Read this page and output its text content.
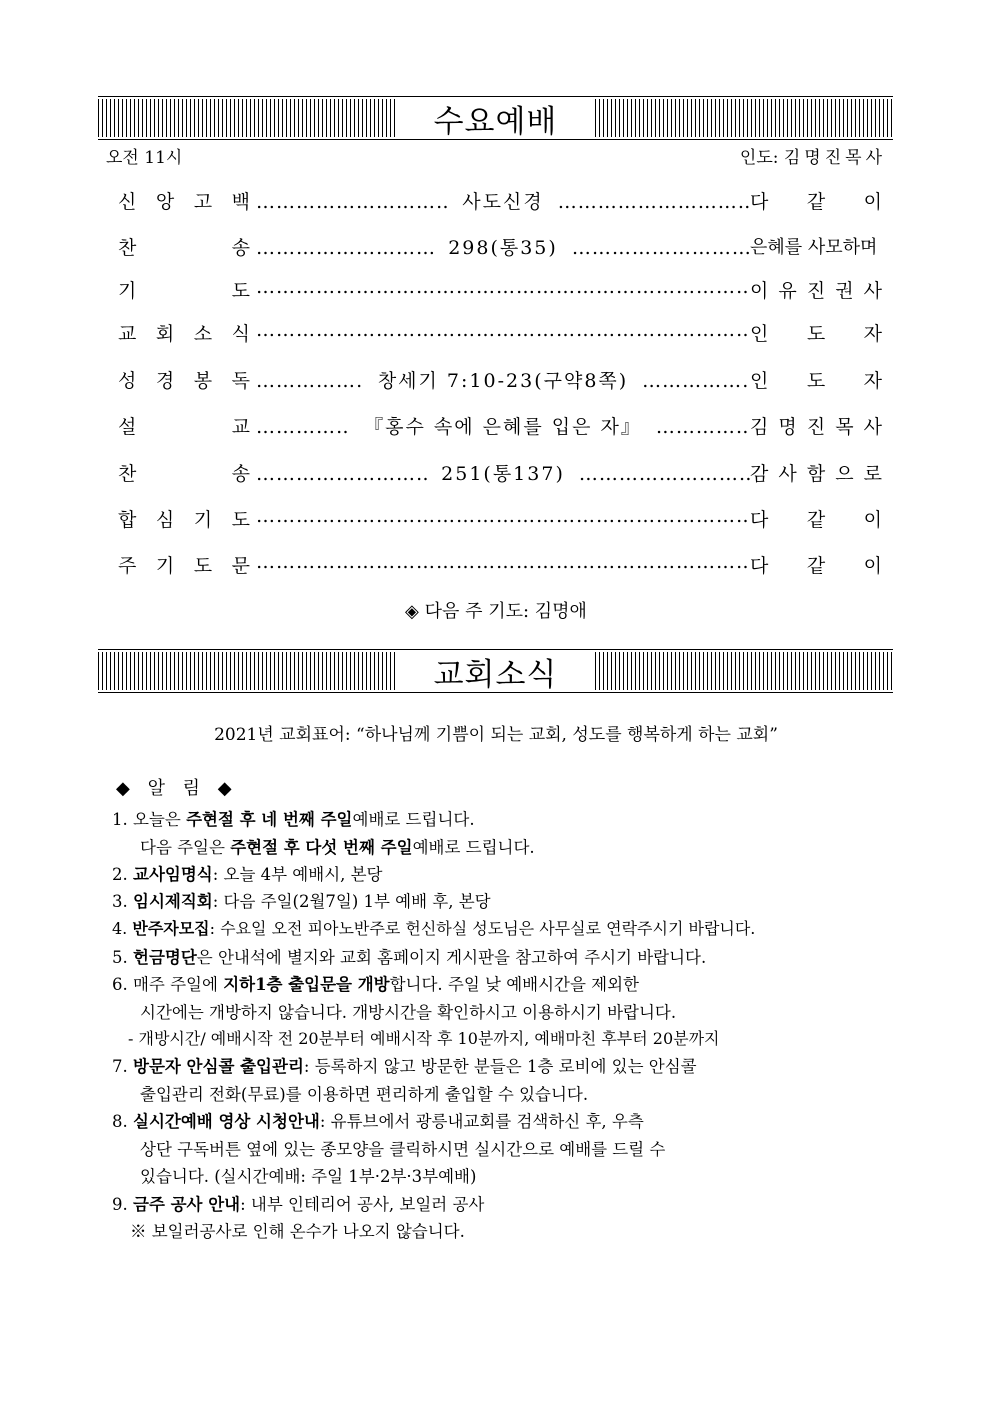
수요예배
오전 11시	인도: 김명진목사
신 앙 고 백 ……………………………………………………………………………………………………………………………………	사도신경 ……………………………………………………………………………………………………………………………………	다 같 이
찬	송 ……………………………………………………………………………………………………………………………………	298(통35) ……………………………………………………………………………………………………………………………………	은혜를 사모하며
기	도 ……………………………………………………………………………………………………………………………………	이 유 진 권 사
교 회 소 식 ……………………………………………………………………………………………………………………………………	인 도 자
성 경 봉 독 ……………………………………………………………………………………………………………………………………	창세기 7:10-23(구약8쪽) ……………………………………………………………………………………………………………………………………	인 도 자
설	교 ……………………………………………………………………………………………………………………………………	『홍수 속에 은혜를 입은 자』 ……………………………………………………………………………………………………………………………………	김 명 진 목 사
찬	송 ……………………………………………………………………………………………………………………………………	251(통137) ……………………………………………………………………………………………………………………………………	감 사 함 으 로
합 심 기 도 ……………………………………………………………………………………………………………………………………	다 같 이
주 기 도 문 ……………………………………………………………………………………………………………………………………	다 같 이
◈ 다음 주 기도: 김명애
교회소식
2021년 교회표어: “하나님께 기쁨이 되는 교회, 성도를 행복하게 하는 교회”
◆ 알 림 ◆
1. 오늘은 주현절 후 네 번째 주일예배로 드립니다.
다음 주일은 주현절 후 다섯 번째 주일예배로 드립니다.
2. 교사임명식: 오늘 4부 예배시, 본당
3. 임시제직회: 다음 주일(2월7일) 1부 예배 후, 본당
4. 반주자모집: 수요일 오전 피아노반주로 헌신하실 성도님은 사무실로 연락주시기 바랍니다.
5. 헌금명단은 안내석에 별지와 교회 홈페이지 게시판을 참고하여 주시기 바랍니다.
6. 매주 주일에 지하1층 출입문을 개방합니다. 주일 낮 예배시간을 제외한
시간에는 개방하지 않습니다. 개방시간을 확인하시고 이용하시기 바랍니다.
- 개방시간/ 예배시작 전 20분부터 예배시작 후 10분까지, 예배마친 후부터 20분까지
7. 방문자 안심콜 출입관리: 등록하지 않고 방문한 분들은 1층 로비에 있는 안심콜
출입관리 전화(무료)를 이용하면 편리하게 출입할 수 있습니다.
8. 실시간예배 영상 시청안내: 유튜브에서 광릉내교회를 검색하신 후, 우측
상단 구독버튼 옆에 있는 종모양을 클릭하시면 실시간으로 예배를 드릴 수
있습니다. (실시간예배: 주일 1부·2부·3부예배)
9. 금주 공사 안내: 내부 인테리어 공사, 보일러 공사
※ 보일러공사로 인해 온수가 나오지 않습니다.
